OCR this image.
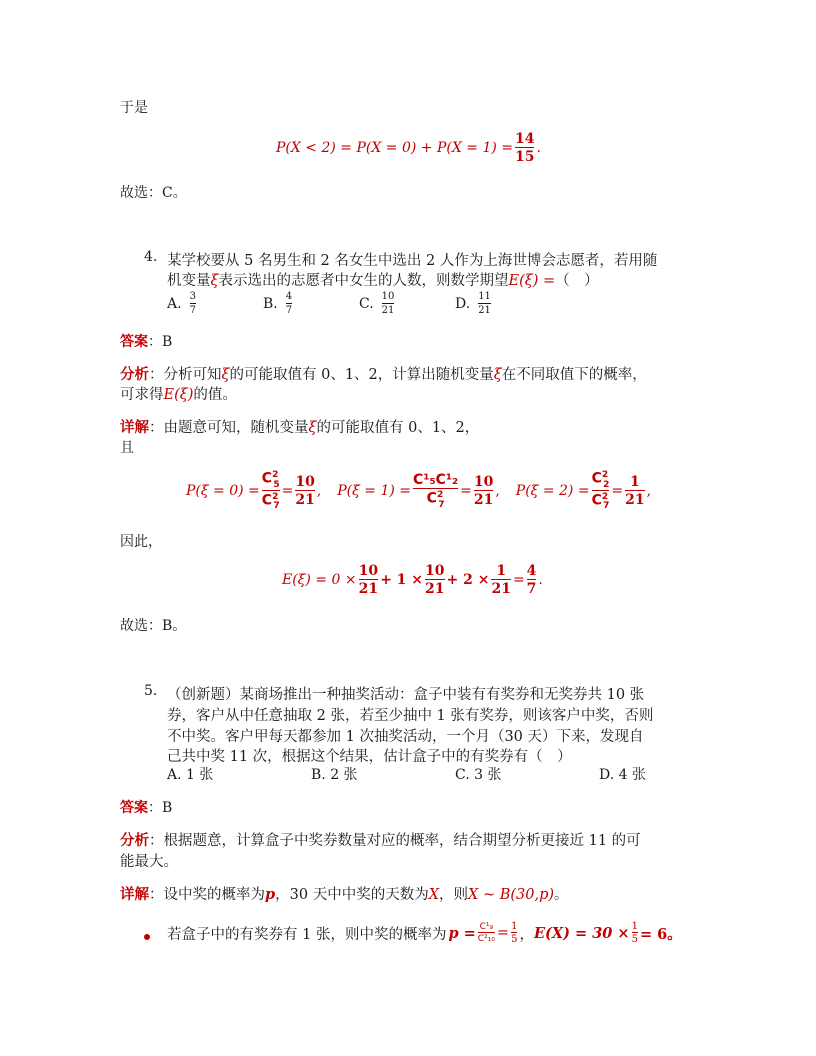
于是
$P(X < 2) = P(X = 0) + P(X = 1) = \frac{14}{15}$ .
故选：C。
4. 某学校要从 5 名男生和 2 名女生中选出 2 人作为上海世博会志愿者，若用随
机变量ξ表示选出的志愿者中女生的人数，则数学期望E(ξ) =（　）
A. $\frac{3}{7}$	B. $\frac{4}{7}$	C. $\frac{10}{21}$	D. $\frac{11}{21}$
答案：B
分析：分析可知ξ的可能取值有 0、1、2，计算出随机变量ξ在不同取值下的概率，
可求得E(ξ)的值。
详解：由题意可知，随机变量ξ的可能取值有 0、1、2，
且
$P(\xi = 0) = \frac{C^2_5}{C^2_7} = \frac{10}{21}$ , $P(\xi = 1) = \frac{\text{C¹₅C¹₂}}{C^2_7} = \frac{10}{21}$ , $P(\xi = 2) = \frac{C^2_2}{C^2_7} = \frac{1}{21}$ ,
因此，
$E(\xi) = 0 \times \frac{10}{21} + 1 \times \frac{10}{21} + 2 \times \frac{1}{21} = \frac{4}{7}$ .
故选：B。
5. （创新题）某商场推出一种抽奖活动：盒子中装有有奖券和无奖券共 10 张
券，客户从中任意抽取 2 张，若至少抽中 1 张有奖券，则该客户中奖，否则
不中奖。客户甲每天都参加 1 次抽奖活动，一个月（30 天）下来，发现自
己共中奖 11 次，根据这个结果，估计盒子中的有奖券有（　）
A. 1 张	B. 2 张	C. 3 张	D. 4 张
答案：B
分析：根据题意，计算盒子中奖券数量对应的概率，结合期望分析更接近 11 的可
能最大。
详解：设中奖的概率为p，30 天中中奖的天数为X，则X ~ B(30,p)。
若盒子中的有奖券有 1 张，则中奖的概率为 $p = \frac{\text{C¹₉}}{\text{C²₁₀}} = \frac{1}{5}$ ， $E(X) = 30 \times \frac{1}{5} = 6$。
